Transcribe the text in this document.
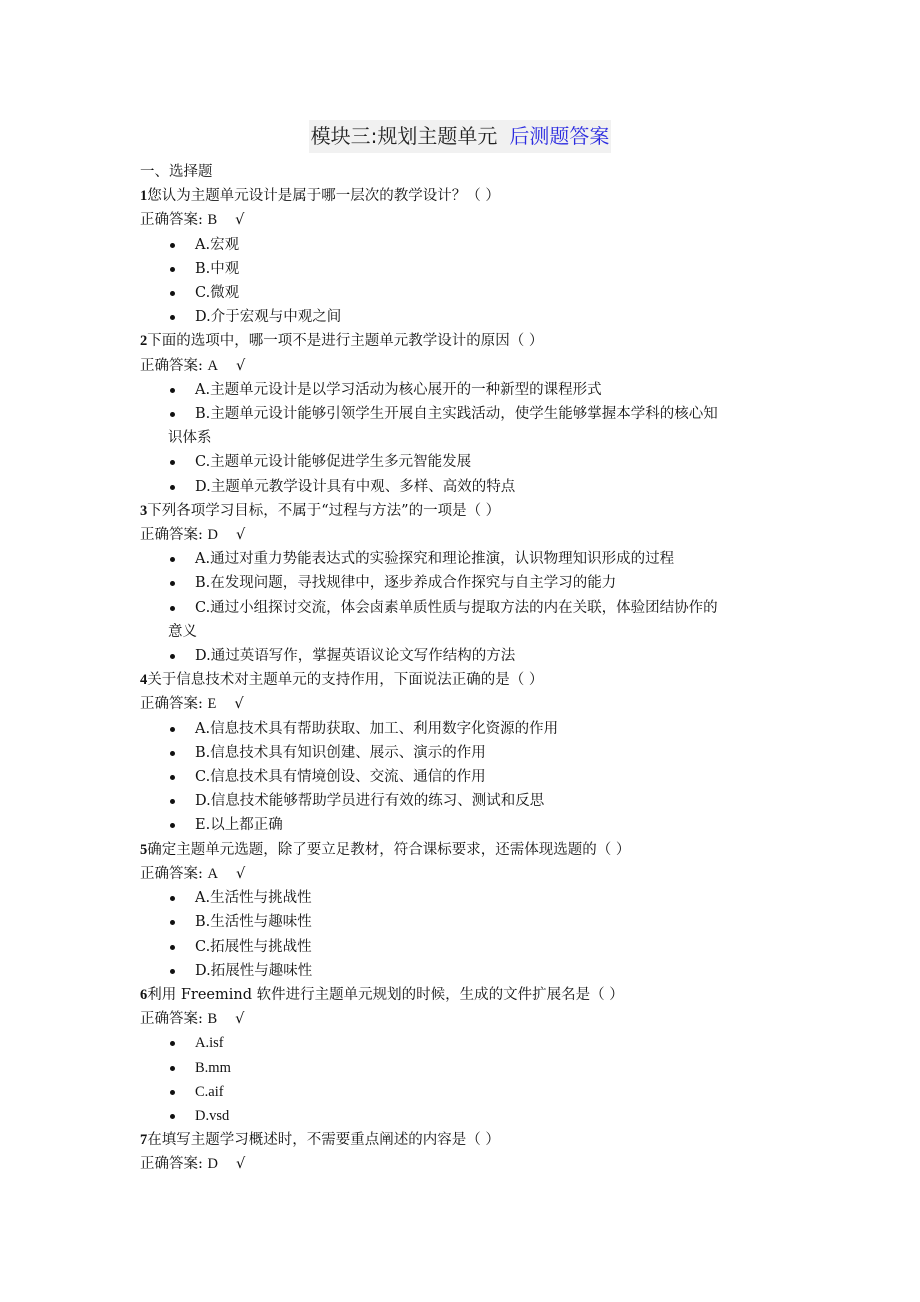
模块三:规划主题单元 后测题答案
一、选择题
1您认为主题单元设计是属于哪一层次的教学设计？（ ）
正确答案: B √
A.宏观
B.中观
C.微观
D.介于宏观与中观之间
2下面的选项中，哪一项不是进行主题单元教学设计的原因（ ）
正确答案: A √
A.主题单元设计是以学习活动为核心展开的一种新型的课程形式
B.主题单元设计能够引领学生开展自主实践活动，使学生能够掌握本学科的核心知
识体系
C.主题单元设计能够促进学生多元智能发展
D.主题单元教学设计具有中观、多样、高效的特点
3下列各项学习目标，不属于“过程与方法”的一项是（ ）
正确答案: D √
A.通过对重力势能表达式的实验探究和理论推演，认识物理知识形成的过程
B.在发现问题，寻找规律中，逐步养成合作探究与自主学习的能力
C.通过小组探讨交流，体会卤素单质性质与提取方法的内在关联，体验团结协作的
意义
D.通过英语写作，掌握英语议论文写作结构的方法
4关于信息技术对主题单元的支持作用，下面说法正确的是（ ）
正确答案: E √
A.信息技术具有帮助获取、加工、利用数字化资源的作用
B.信息技术具有知识创建、展示、演示的作用
C.信息技术具有情境创设、交流、通信的作用
D.信息技术能够帮助学员进行有效的练习、测试和反思
E.以上都正确
5确定主题单元选题，除了要立足教材，符合课标要求，还需体现选题的（ ）
正确答案: A √
A.生活性与挑战性
B.生活性与趣味性
C.拓展性与挑战性
D.拓展性与趣味性
6利用 Freemind 软件进行主题单元规划的时候，生成的文件扩展名是（ ）
正确答案: B √
A.isf
B.mm
C.aif
D.vsd
7在填写主题学习概述时，不需要重点阐述的内容是（ ）
正确答案: D √
